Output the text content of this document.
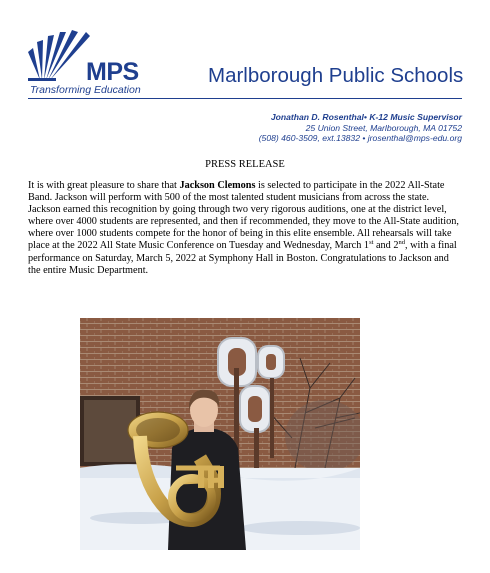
MPS
Transforming Education
Marlborough Public Schools
Jonathan D. Rosenthal• K-12 Music Supervisor
25 Union Street, Marlborough, MA 01752
(508) 460-3509, ext.13832 • jrosenthal@mps-edu.org
PRESS RELEASE
It is with great pleasure to share that Jackson Clemons is selected to participate in the 2022 All-State Band. Jackson will perform with 500 of the most talented student musicians from across the state. Jackson earned this recognition by going through two very rigorous auditions, one at the district level, where over 4000 students are represented, and then if recommended, they move to the All-State audition, where over 1000 students compete for the honor of being in this elite ensemble. All rehearsals will take place at the 2022 All State Music Conference on Tuesday and Wednesday, March 1st and 2nd, with a final performance on Saturday, March 5, 2022 at Symphony Hall in Boston. Congratulations to Jackson and the entire Music Department.
